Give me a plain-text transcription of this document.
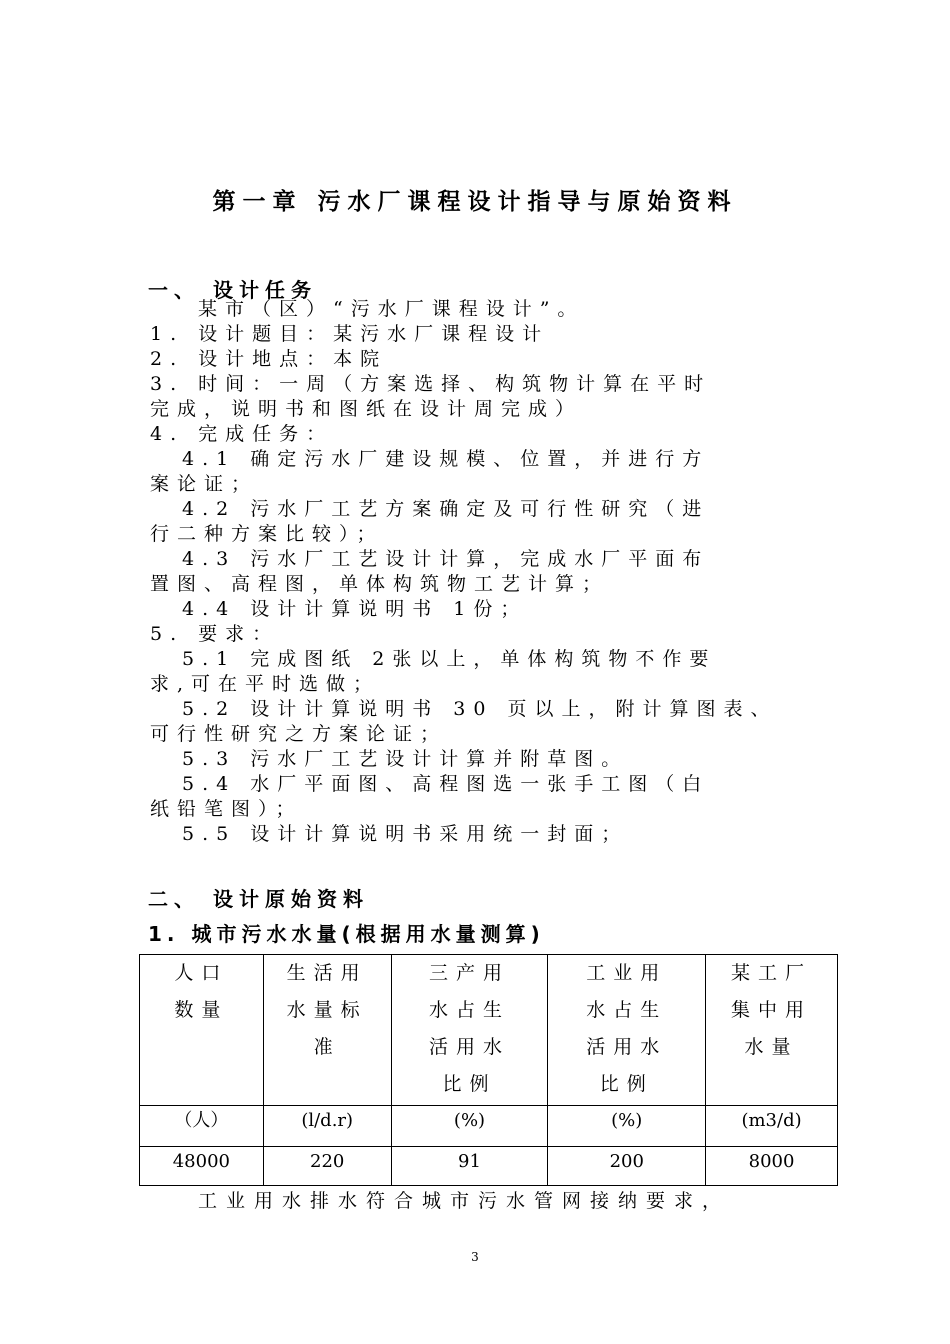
第一章 污水厂课程设计指导与原始资料
一、 设计任务
某市（区）“污水厂课程设计”。
1. 设计题目：某污水厂课程设计
2. 设计地点：本院
3. 时间：一周（方案选择、构筑物计算在平时
完成，说明书和图纸在设计周完成）
4. 完成任务：
4.1 确定污水厂建设规模、位置，并进行方
案论证；
4.2 污水厂工艺方案确定及可行性研究（进
行二种方案比较）；
4.3 污水厂工艺设计计算，完成水厂平面布
置图、高程图，单体构筑物工艺计算；
4.4 设计计算说明书 1份；
5. 要求：
5.1 完成图纸 2张以上，单体构筑物不作要
求,可在平时选做；
5.2 设计计算说明书 30 页以上，附计算图表、
可行性研究之方案论证；
5.3 污水厂工艺设计计算并附草图。
5.4 水厂平面图、高程图选一张手工图（白
纸铅笔图）；
5.5 设计计算说明书采用统一封面；
二、 设计原始资料
1. 城市污水水量(根据用水量测算)
人口数量	生活用水量标准	三产用水占生活用水比例	工业用水占生活用水比例	某工厂集中用水量

（人）	(l/d.r)	(%)	(%)	(m3/d)
48000	220	91	200	8000
工业用水排水符合城市污水管网接纳要求，
3
